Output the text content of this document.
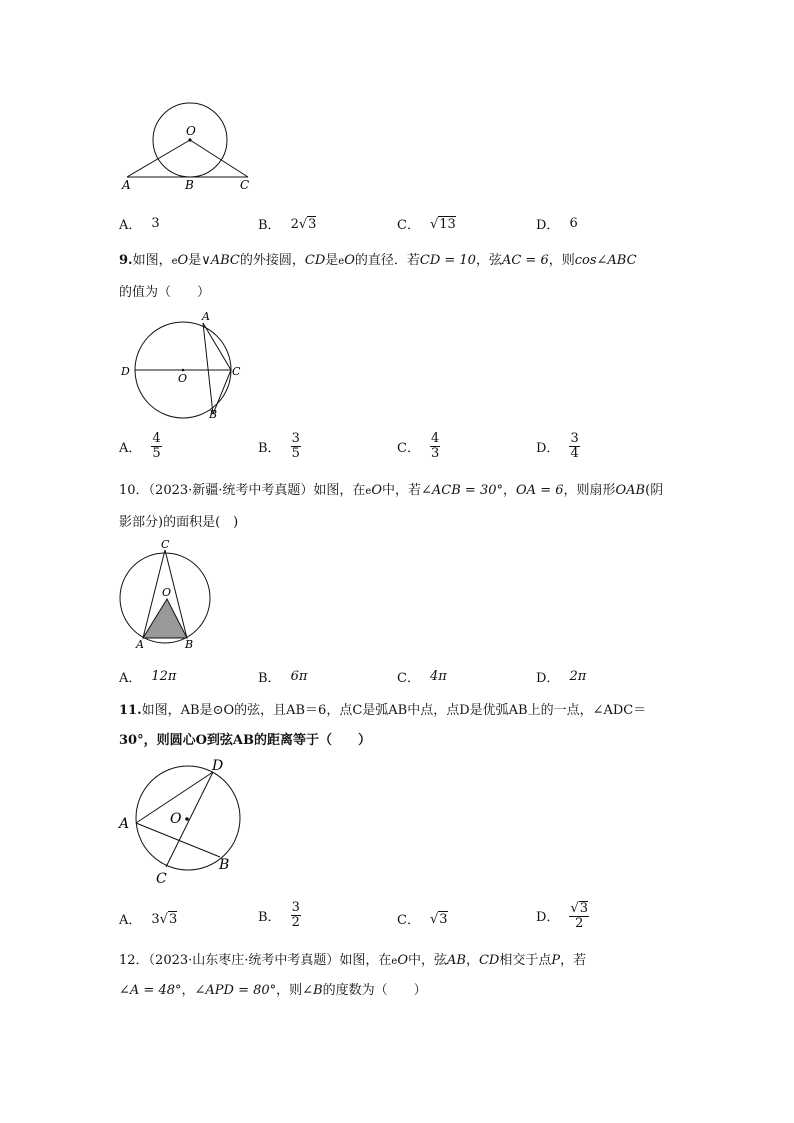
O
A	B	C
A． 3	B． 2√3	C． √13	D． 6
9.如图，eO是∨ABC的外接圆，CD是eO的直径．若CD = 10，弦AC = 6，则cos∠ABC
的值为（　　）
A
D
O
C
B
A． $\frac{4}{5}$	B． $\frac{3}{5}$	C． $\frac{4}{3}$	D． $\frac{3}{4}$
10．（2023·新疆·统考中考真题）如图，在eO中，若∠ACB = 30°，OA = 6，则扇形OAB(阴
影部分)的面积是(　)
C
O
A	B
A． 12π	B． 6π	C． 4π	D． 2π
11.如图，AB是⊙O的弦，且AB＝6，点C是弧AB中点，点D是优弧AB上的一点，∠ADC＝
30°，则圆心O到弦AB的距离等于（　　）
D
A	O
B
C
A． 3√3	B． $\frac{3}{2}$	C． √3	D． $\frac{√3}{2}$
12．（2023·山东枣庄·统考中考真题）如图，在eO中，弦AB，CD相交于点P，若
∠A = 48°，∠APD = 80°，则∠B的度数为（　　）
